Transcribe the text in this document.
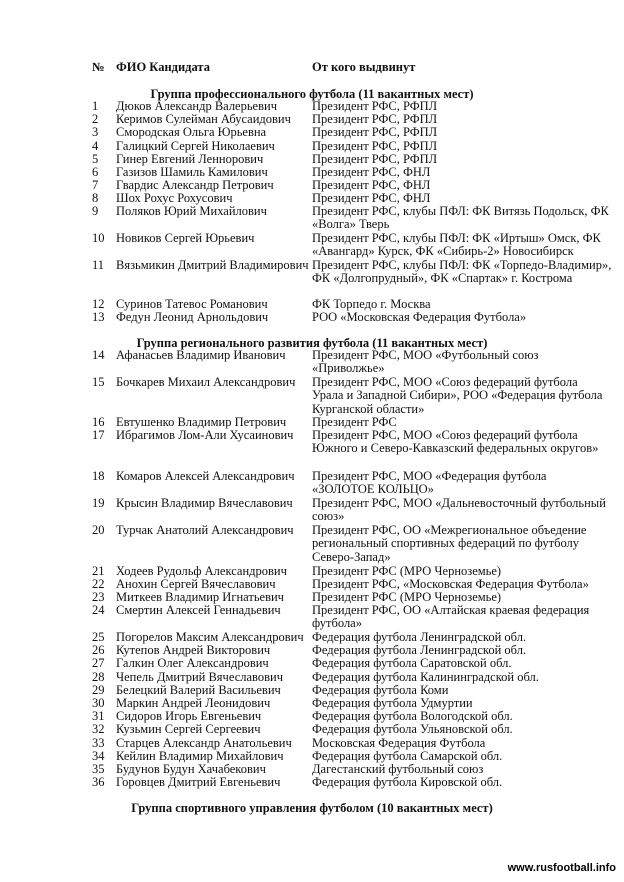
№ ФИО Кандидата	От кого выдвинут
Группа профессионального футбола (11 вакантных мест)
1	Дюков Александр Валерьевич	Президент РФС, РФПЛ
2	Керимов Сулейман Абусаидович	Президент РФС, РФПЛ
3	Смородская Ольга Юрьевна	Президент РФС, РФПЛ
4	Галицкий Сергей Николаевич	Президент РФС, РФПЛ
5	Гинер Евгений Леннорович	Президент РФС, РФПЛ
6	Газизов Шамиль Камилович	Президент РФС, ФНЛ
7	Гвардис Александр Петрович	Президент РФС, ФНЛ
8	Шох Рохус Рохусович	Президент РФС, ФНЛ
9	Поляков Юрий Михайлович	Президент РФС, клубы ПФЛ: ФК Витязь Подольск, ФК «Волга» Тверь
10 Новиков Сергей Юрьевич	Президент РФС, клубы ПФЛ: ФК «Иртыш» Омск, ФК «Авангард» Курск, ФК «Сибирь-2» Новосибирск
11 Вязьмикин Дмитрий Владимирович Президент РФС, клубы ПФЛ: ФК «Торпедо-Владимир», ФК «Долгопрудный», ФК «Спартак» г. Кострома
12 Суринов Татевос Романович	ФК Торпедо г. Москва
13 Федун Леонид Арнольдович	РОО «Московская Федерация Футбола»
Группа регионального развития футбола (11 вакантных мест)
14 Афанасьев Владимир Иванович	Президент РФС, МОО «Футбольный союз «Приволжье»
15 Бочкарев Михаил Александрович	Президент РФС, МОО «Союз федераций футбола Урала и Западной Сибири», РОО «Федерация футбола Курганской области»
16 Евтушенко Владимир Петрович	Президент РФС
17 Ибрагимов Лом-Али Хусаинович	Президент РФС, МОО «Союз федераций футбола Южного и Северо-Кавказский федеральных округов»
18 Комаров Алексей Александрович	Президент РФС, МОО «Федерация футбола «ЗОЛОТОЕ КОЛЬЦО»
19 Крысин Владимир Вячеславович	Президент РФС, МОО «Дальневосточный футбольный союз»
20 Турчак Анатолий Александрович	Президент РФС, ОО «Межрегиональное объедение региональный спортивных федераций по футболу Северо-Запад»
21 Ходеев Рудольф Александрович	Президент РФС (МРО Черноземье)
22 Анохин Сергей Вячеславович	Президент РФС, «Московская Федерация Футбола»
23 Миткеев Владимир Игнатьевич	Президент РФС (МРО Черноземье)
24 Смертин Алексей Геннадьевич	Президент РФС, ОО «Алтайская краевая федерация футбола»
25 Погорелов Максим Александрович Федерация футбола Ленинградской обл.
26 Кутепов Андрей Викторович	Федерация футбола Ленинградской обл.
27 Галкин Олег Александрович	Федерация футбола Саратовской обл.
28 Чепель Дмитрий Вячеславович	Федерация футбола Калининградской обл.
29 Белецкий Валерий Васильевич	Федерация футбола Коми
30 Маркин Андрей Леонидович	Федерация футбола Удмуртии
31 Сидоров Игорь Евгеньевич	Федерация футбола Вологодской обл.
32 Кузьмин Сергей Сергеевич	Федерация футбола Ульяновской обл.
33 Старцев Александр Анатольевич	Московская Федерация Футбола
34 Кейлин Владимир Михайлович	Федерация футбола Самарской обл.
35 Будунов Будун Хачабекович	Дагестанский футбольный союз
36 Горовцев Дмитрий Евгеньевич	Федерация футбола Кировской обл.
Группа спортивного управления футболом (10 вакантных мест)
www.rusfootball.info
